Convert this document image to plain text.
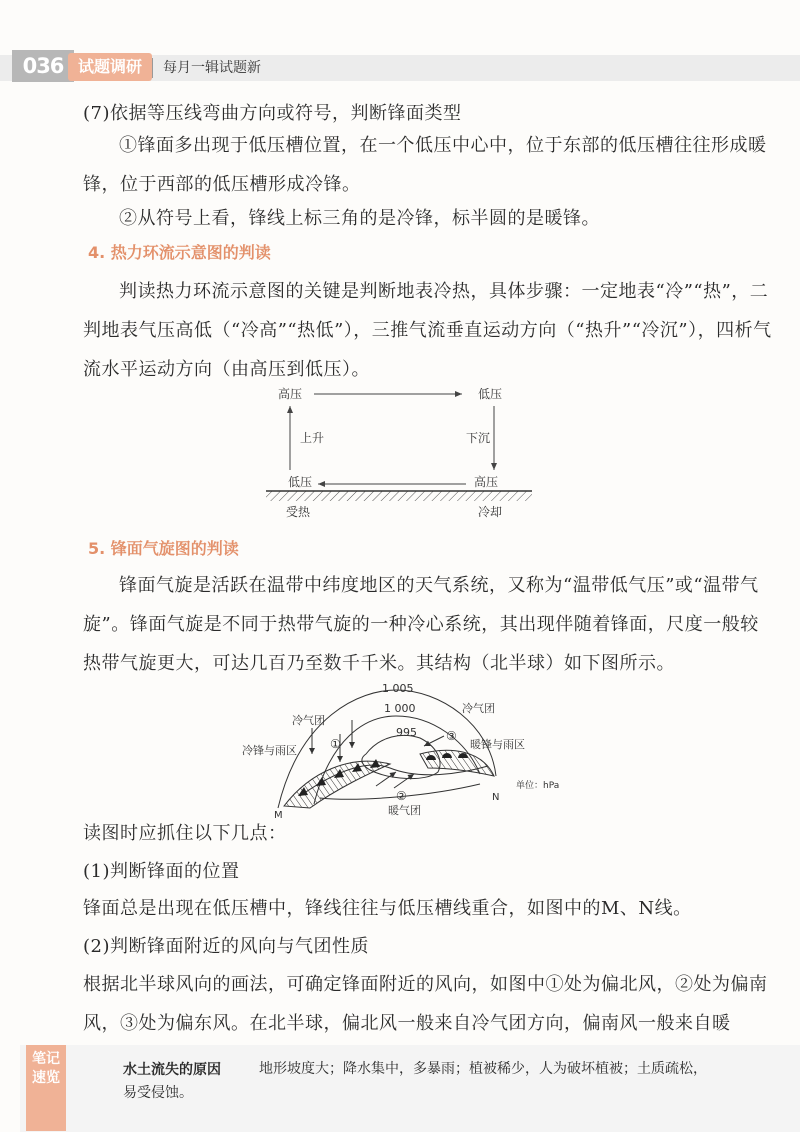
036 试题调研	每月一辑试题新

(7)依据等压线弯曲方向或符号，判断锋面类型

①锋面多出现于低压槽位置，在一个低压中心中，位于东部的低压槽往往形成暖锋，位于西部的低压槽形成冷锋。

②从符号上看，锋线上标三角的是冷锋，标半圆的是暖锋。

4. 热力环流示意图的判读

判读热力环流示意图的关键是判断地表冷热，具体步骤：一定地表“冷”“热”，二判地表气压高低（“冷高”“热低”），三推气流垂直运动方向（“热升”“冷沉”），四析气流水平运动方向（由高压到低压）。

高压	低压
低压	高压
上升	下沉
受热	冷却
5. 锋面气旋图的判读

锋面气旋是活跃在温带中纬度地区的天气系统，又称为“温带低气压”或“温带气旋”。锋面气旋是不同于热带气旋的一种冷心系统，其出现伴随着锋面，尺度一般较热带气旋更大，可达几百乃至数千千米。其结构（北半球）如下图所示。

1 005
1 000
995
冷气团
冷气团
冷锋与雨区	暖锋与雨区
暖气团
单位：hPa
M
N
①
②
③

读图时应抓住以下几点：

(1)判断锋面的位置

锋面总是出现在低压槽中，锋线往往与低压槽线重合，如图中的M、N线。

(2)判断锋面附近的风向与气团性质

根据北半球风向的画法，可确定锋面附近的风向，如图中①处为偏北风，②处为偏南风，③处为偏东风。在北半球，偏北风一般来自冷气团方向，偏南风一般来自暖

笔记速览	水土流失的原因	地形坡度大；降水集中，多暴雨；植被稀少，人为破坏植被；土质疏松，易受侵蚀。
